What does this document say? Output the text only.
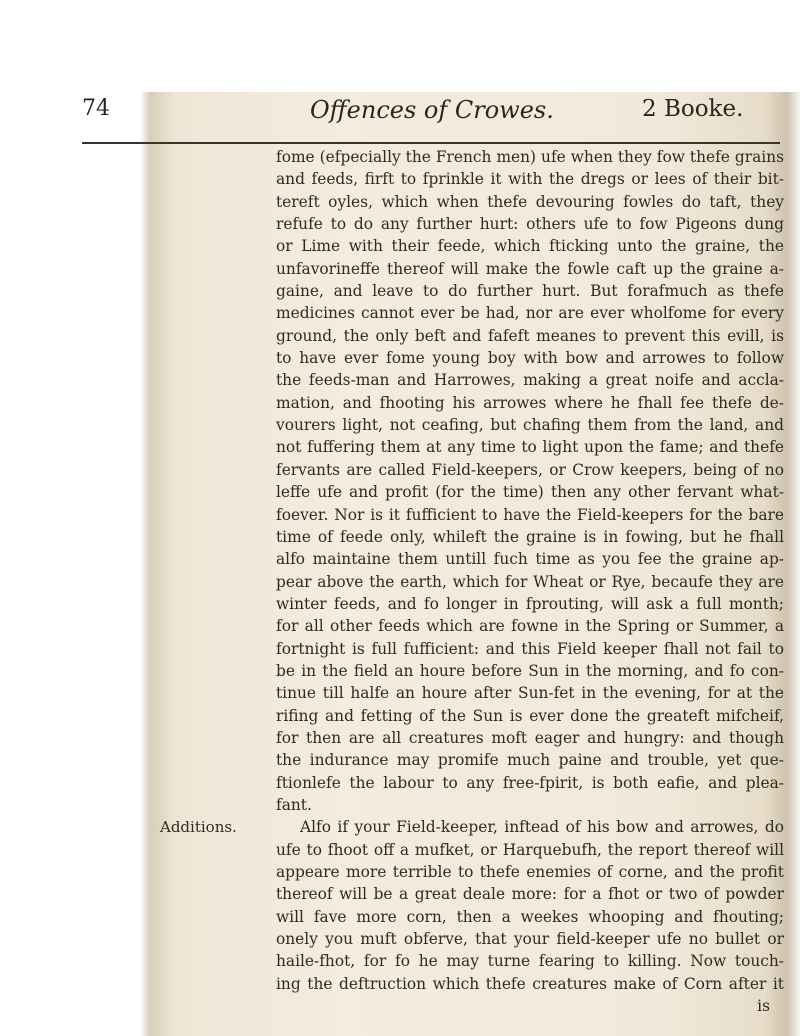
74	Offences of Crowes.	2 Booke.
Additions.
fome (efpecially the French men) ufe when they fow thefe grains
and feeds, firft to fprinkle it with the dregs or lees of their bit-
tereft oyles, which when thefe devouring fowles do taft, they
refufe to do any further hurt: others ufe to fow Pigeons dung
or Lime with their feede, which fticking unto the graine, the
unfavorineffe thereof will make the fowle caft up the graine a-
gaine, and leave to do further hurt. But forafmuch as thefe
medicines cannot ever be had, nor are ever wholfome for every
ground, the only beft and fafeft meanes to prevent this evill, is
to have ever fome young boy with bow and arrowes to follow
the feeds-man and Harrowes, making a great noife and accla-
mation, and fhooting his arrowes where he fhall fee thefe de-
vourers light, not ceafing, but chafing them from the land, and
not fuffering them at any time to light upon the fame; and thefe
fervants are called Field-keepers, or Crow keepers, being of no
leffe ufe and profit (for the time) then any other fervant what-
foever. Nor is it fufficient to have the Field-keepers for the bare
time of feede only, whileft the graine is in fowing, but he fhall
alfo maintaine them untill fuch time as you fee the graine ap-
pear above the earth, which for Wheat or Rye, becaufe they are
winter feeds, and fo longer in fprouting, will ask a full month;
for all other feeds which are fowne in the Spring or Summer, a
fortnight is full fufficient: and this Field keeper fhall not fail to
be in the field an houre before Sun in the morning, and fo con-
tinue till halfe an houre after Sun-fet in the evening, for at the
rifing and fetting of the Sun is ever done the greateft mifcheif,
for then are all creatures moft eager and hungry: and though
the indurance may promife much paine and trouble, yet que-
ftionlefe the labour to any free-fpirit, is both eafie, and plea-
fant.
Alfo if your Field-keeper, inftead of his bow and arrowes, do
ufe to fhoot off a mufket, or Harquebufh, the report thereof will
appeare more terrible to thefe enemies of corne, and the profit
thereof will be a great deale more: for a fhot or two of powder
will fave more corn, then a weekes whooping and fhouting;
onely you muft obferve, that your field-keeper ufe no bullet or
haile-fhot, for fo he may turne fearing to killing. Now touch-
ing the deftruction which thefe creatures make of Corn after it
is
